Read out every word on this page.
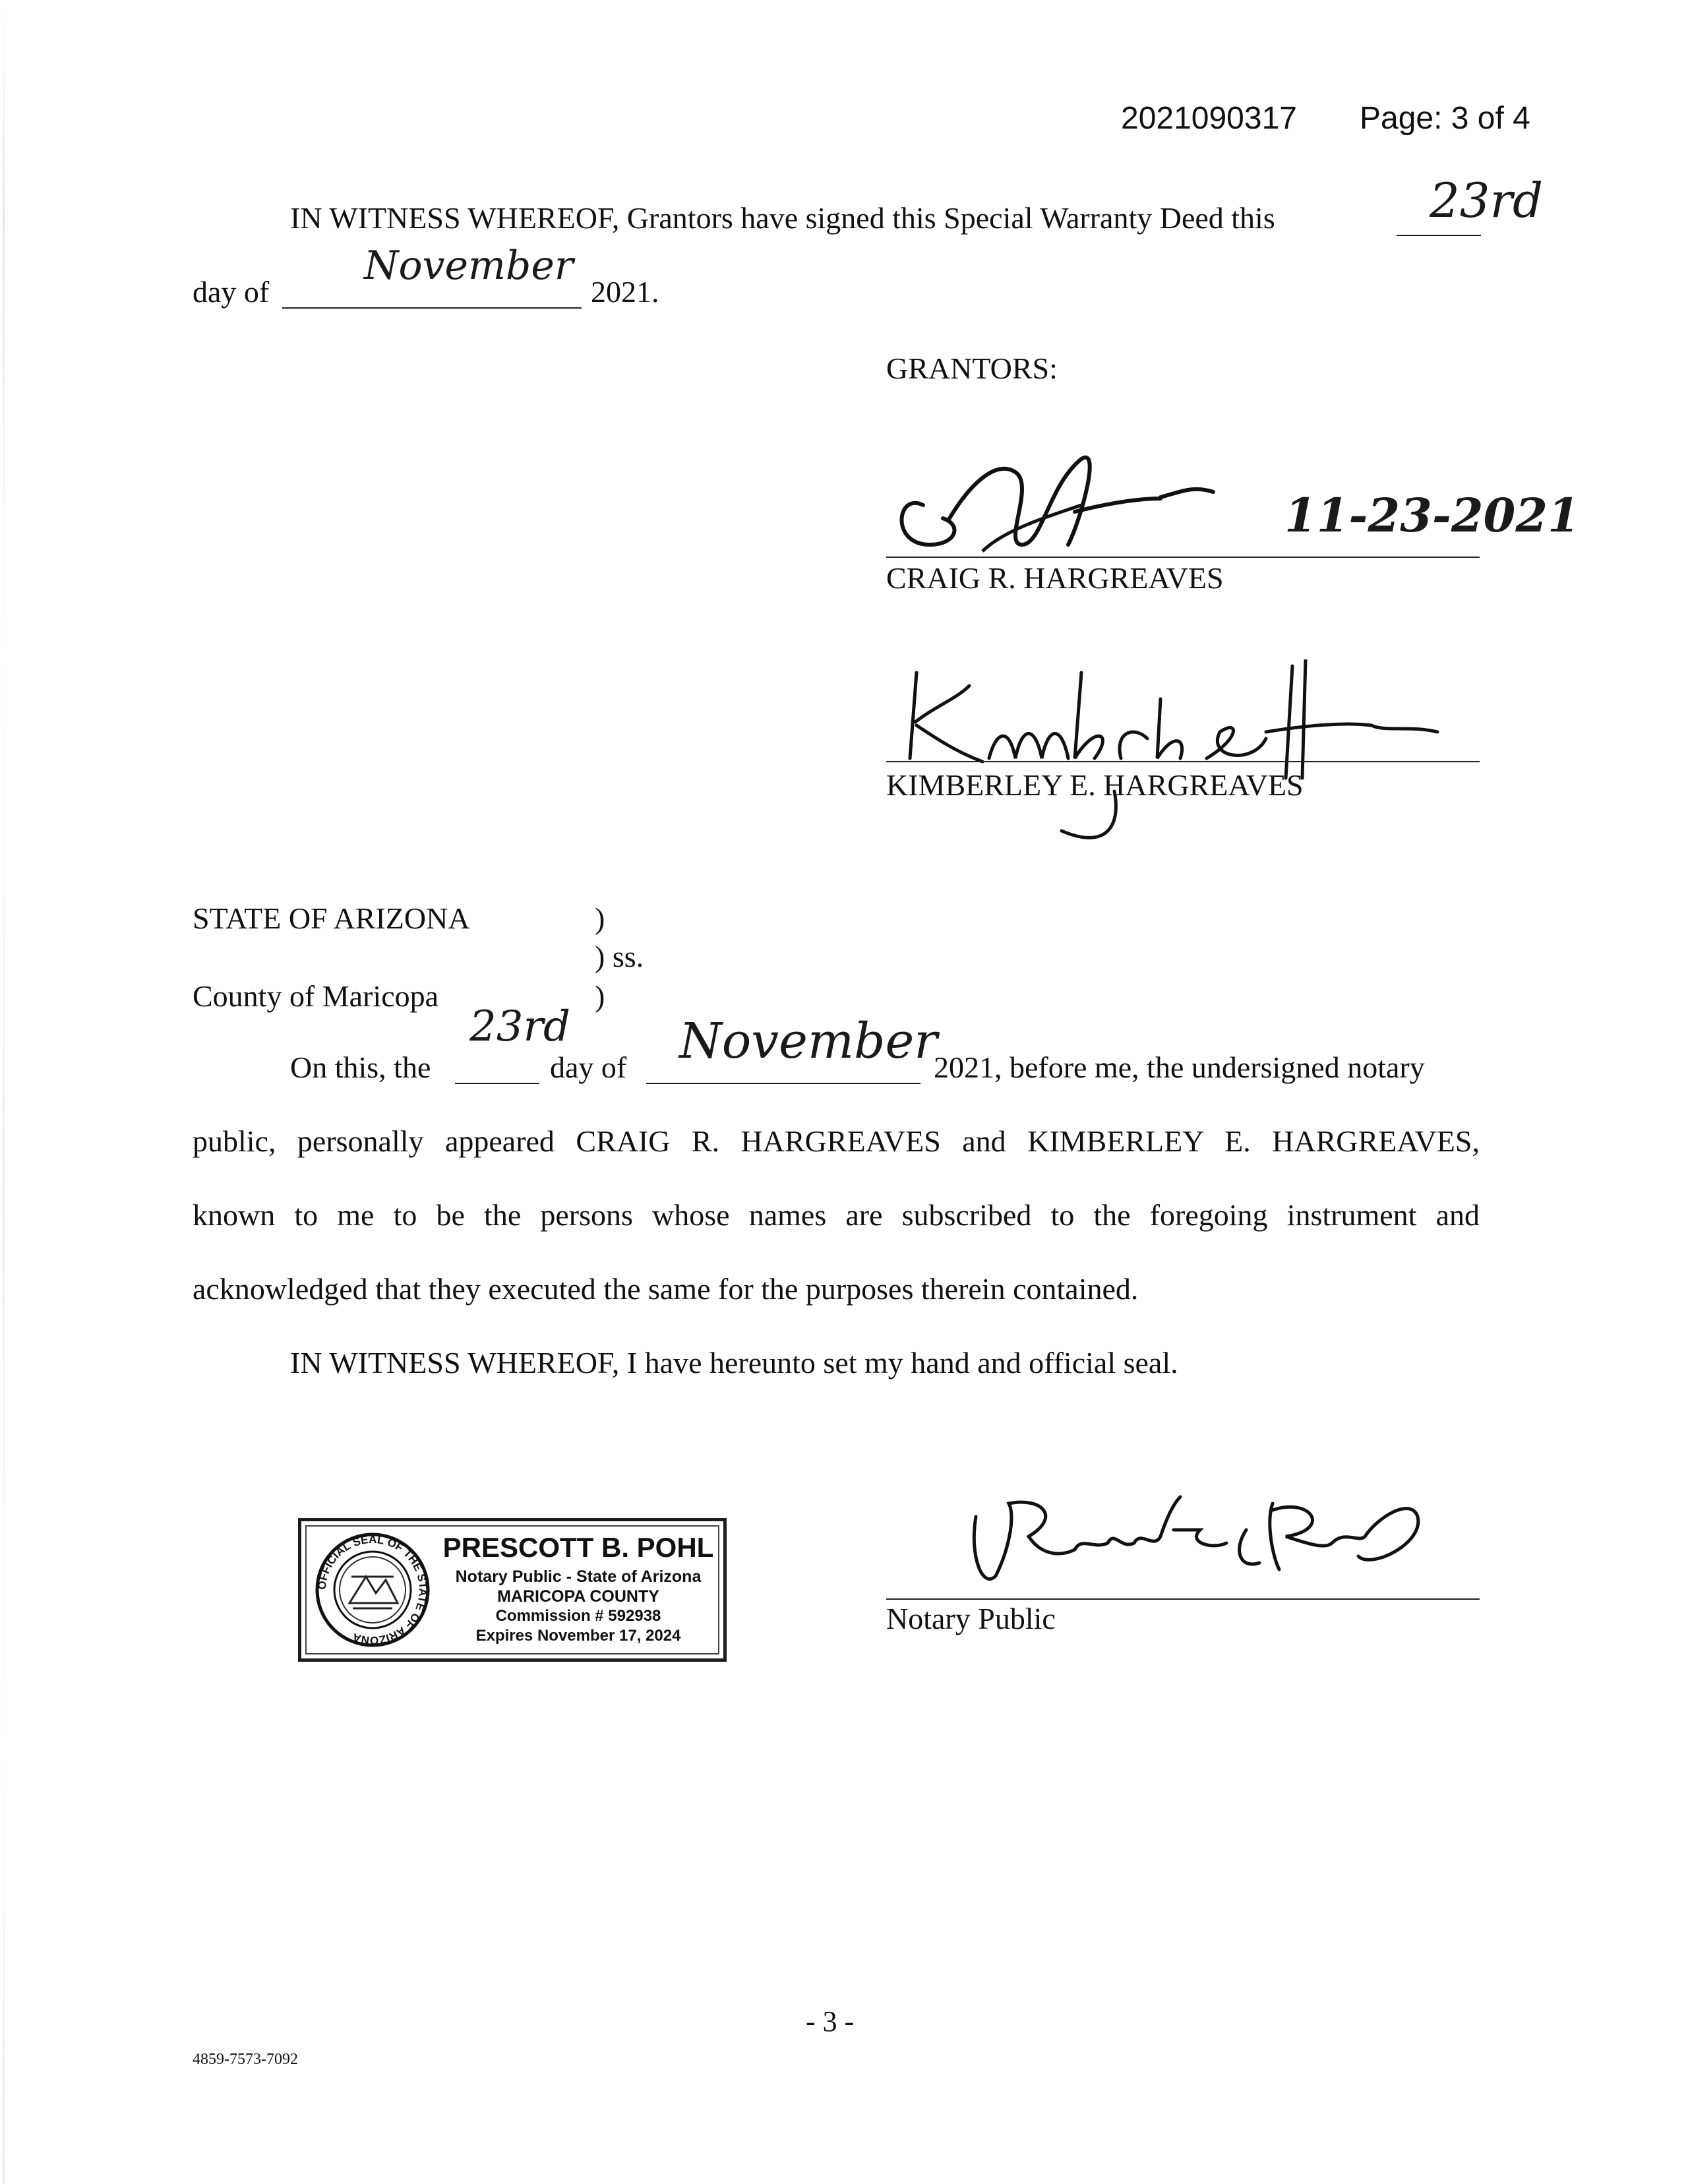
2021090317 Page: 3 of 4
IN WITNESS WHEREOF, Grantors have signed this Special Warranty Deed this	23rd
day of
November
2021.
GRANTORS:
11-23-2021
CRAIG R. HARGREAVES
KIMBERLEY E. HARGREAVES
STATE OF ARIZONA	)
) ss.
County of Maricopa	)
On this, the
23rd
day of November
2021, before me, the undersigned notary
public, personally appeared CRAIG R. HARGREAVES and KIMBERLEY E. HARGREAVES,
known to me to be the persons whose names are subscribed to the foregoing instrument and
acknowledged that they executed the same for the purposes therein contained.
IN WITNESS WHEREOF, I have hereunto set my hand and official seal.
OFFICIAL SEAL OF THE STATE OF ARIZONA
PRESCOTT B. POHL
Notary Public - State of Arizona
MARICOPA COUNTY
Commission # 592938
Expires November 17, 2024
Notary Public
- 3 -
4859-7573-7092
